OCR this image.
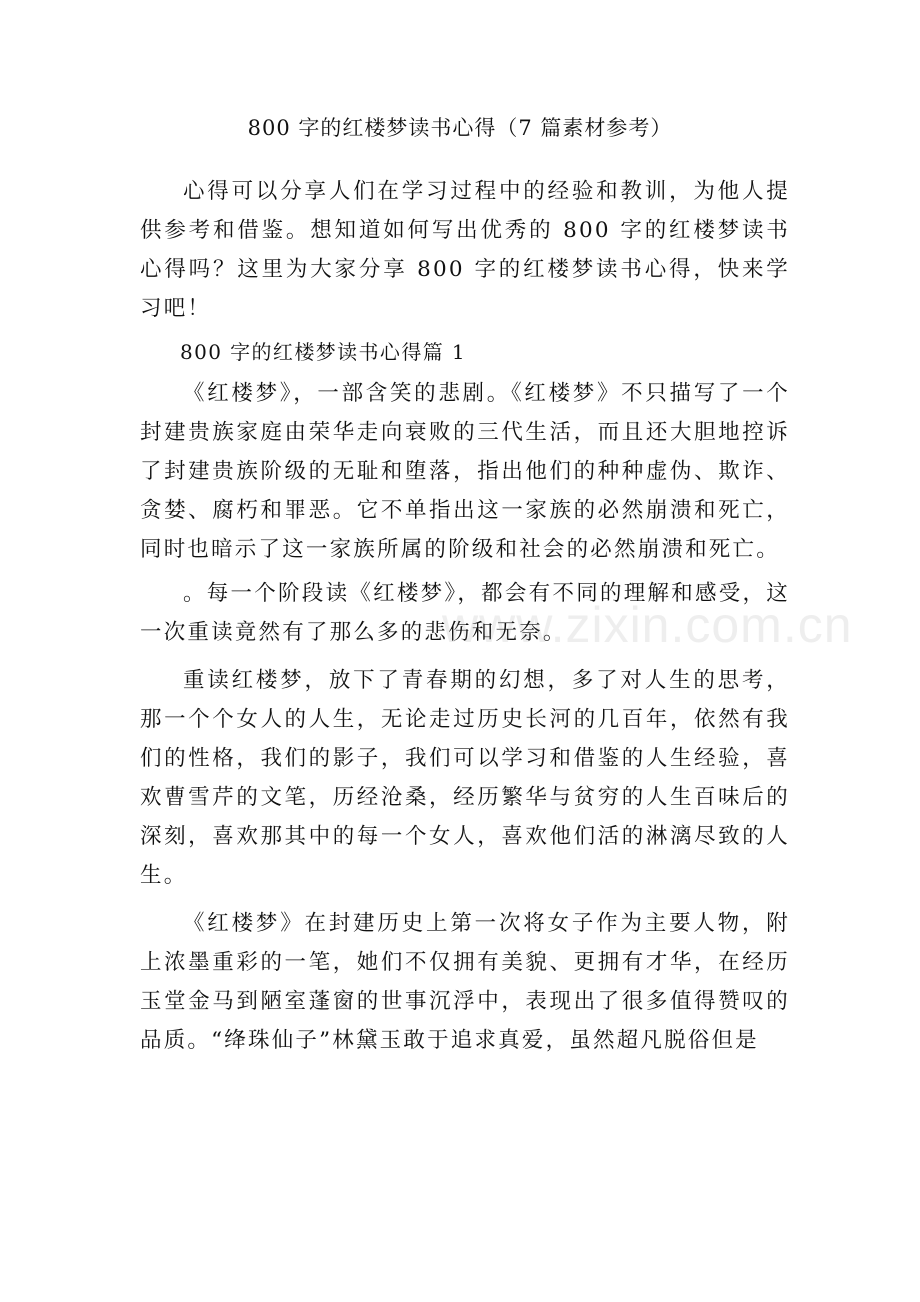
800 字的红楼梦读书心得（7 篇素材参考）

心得可以分享人们在学习过程中的经验和教训，为他人提供参考和借鉴。想知道如何写出优秀的 800 字的红楼梦读书心得吗？这里为大家分享 800 字的红楼梦读书心得，快来学习吧！

800 字的红楼梦读书心得篇 1

《红楼梦》，一部含笑的悲剧。《红楼梦》不只描写了一个封建贵族家庭由荣华走向衰败的三代生活，而且还大胆地控诉了封建贵族阶级的无耻和堕落，指出他们的种种虚伪、欺诈、贪婪、腐朽和罪恶。它不单指出这一家族的必然崩溃和死亡，同时也暗示了这一家族所属的阶级和社会的必然崩溃和死亡。

。每一个阶段读《红楼梦》，都会有不同的理解和感受，这一次重读竟然有了那么多的悲伤和无奈。

重读红楼梦，放下了青春期的幻想，多了对人生的思考，那一个个女人的人生，无论走过历史长河的几百年，依然有我们的性格，我们的影子，我们可以学习和借鉴的人生经验，喜欢曹雪芹的文笔，历经沧桑，经历繁华与贫穷的人生百味后的深刻，喜欢那其中的每一个女人，喜欢他们活的淋漓尽致的人生。

《红楼梦》在封建历史上第一次将女子作为主要人物，附上浓墨重彩的一笔，她们不仅拥有美貌、更拥有才华，在经历玉堂金马到陋室蓬窗的世事沉浮中，表现出了很多值得赞叹的品质。“绛珠仙子”林黛玉敢于追求真爱，虽然超凡脱俗但是

www.zixin.com.cn
